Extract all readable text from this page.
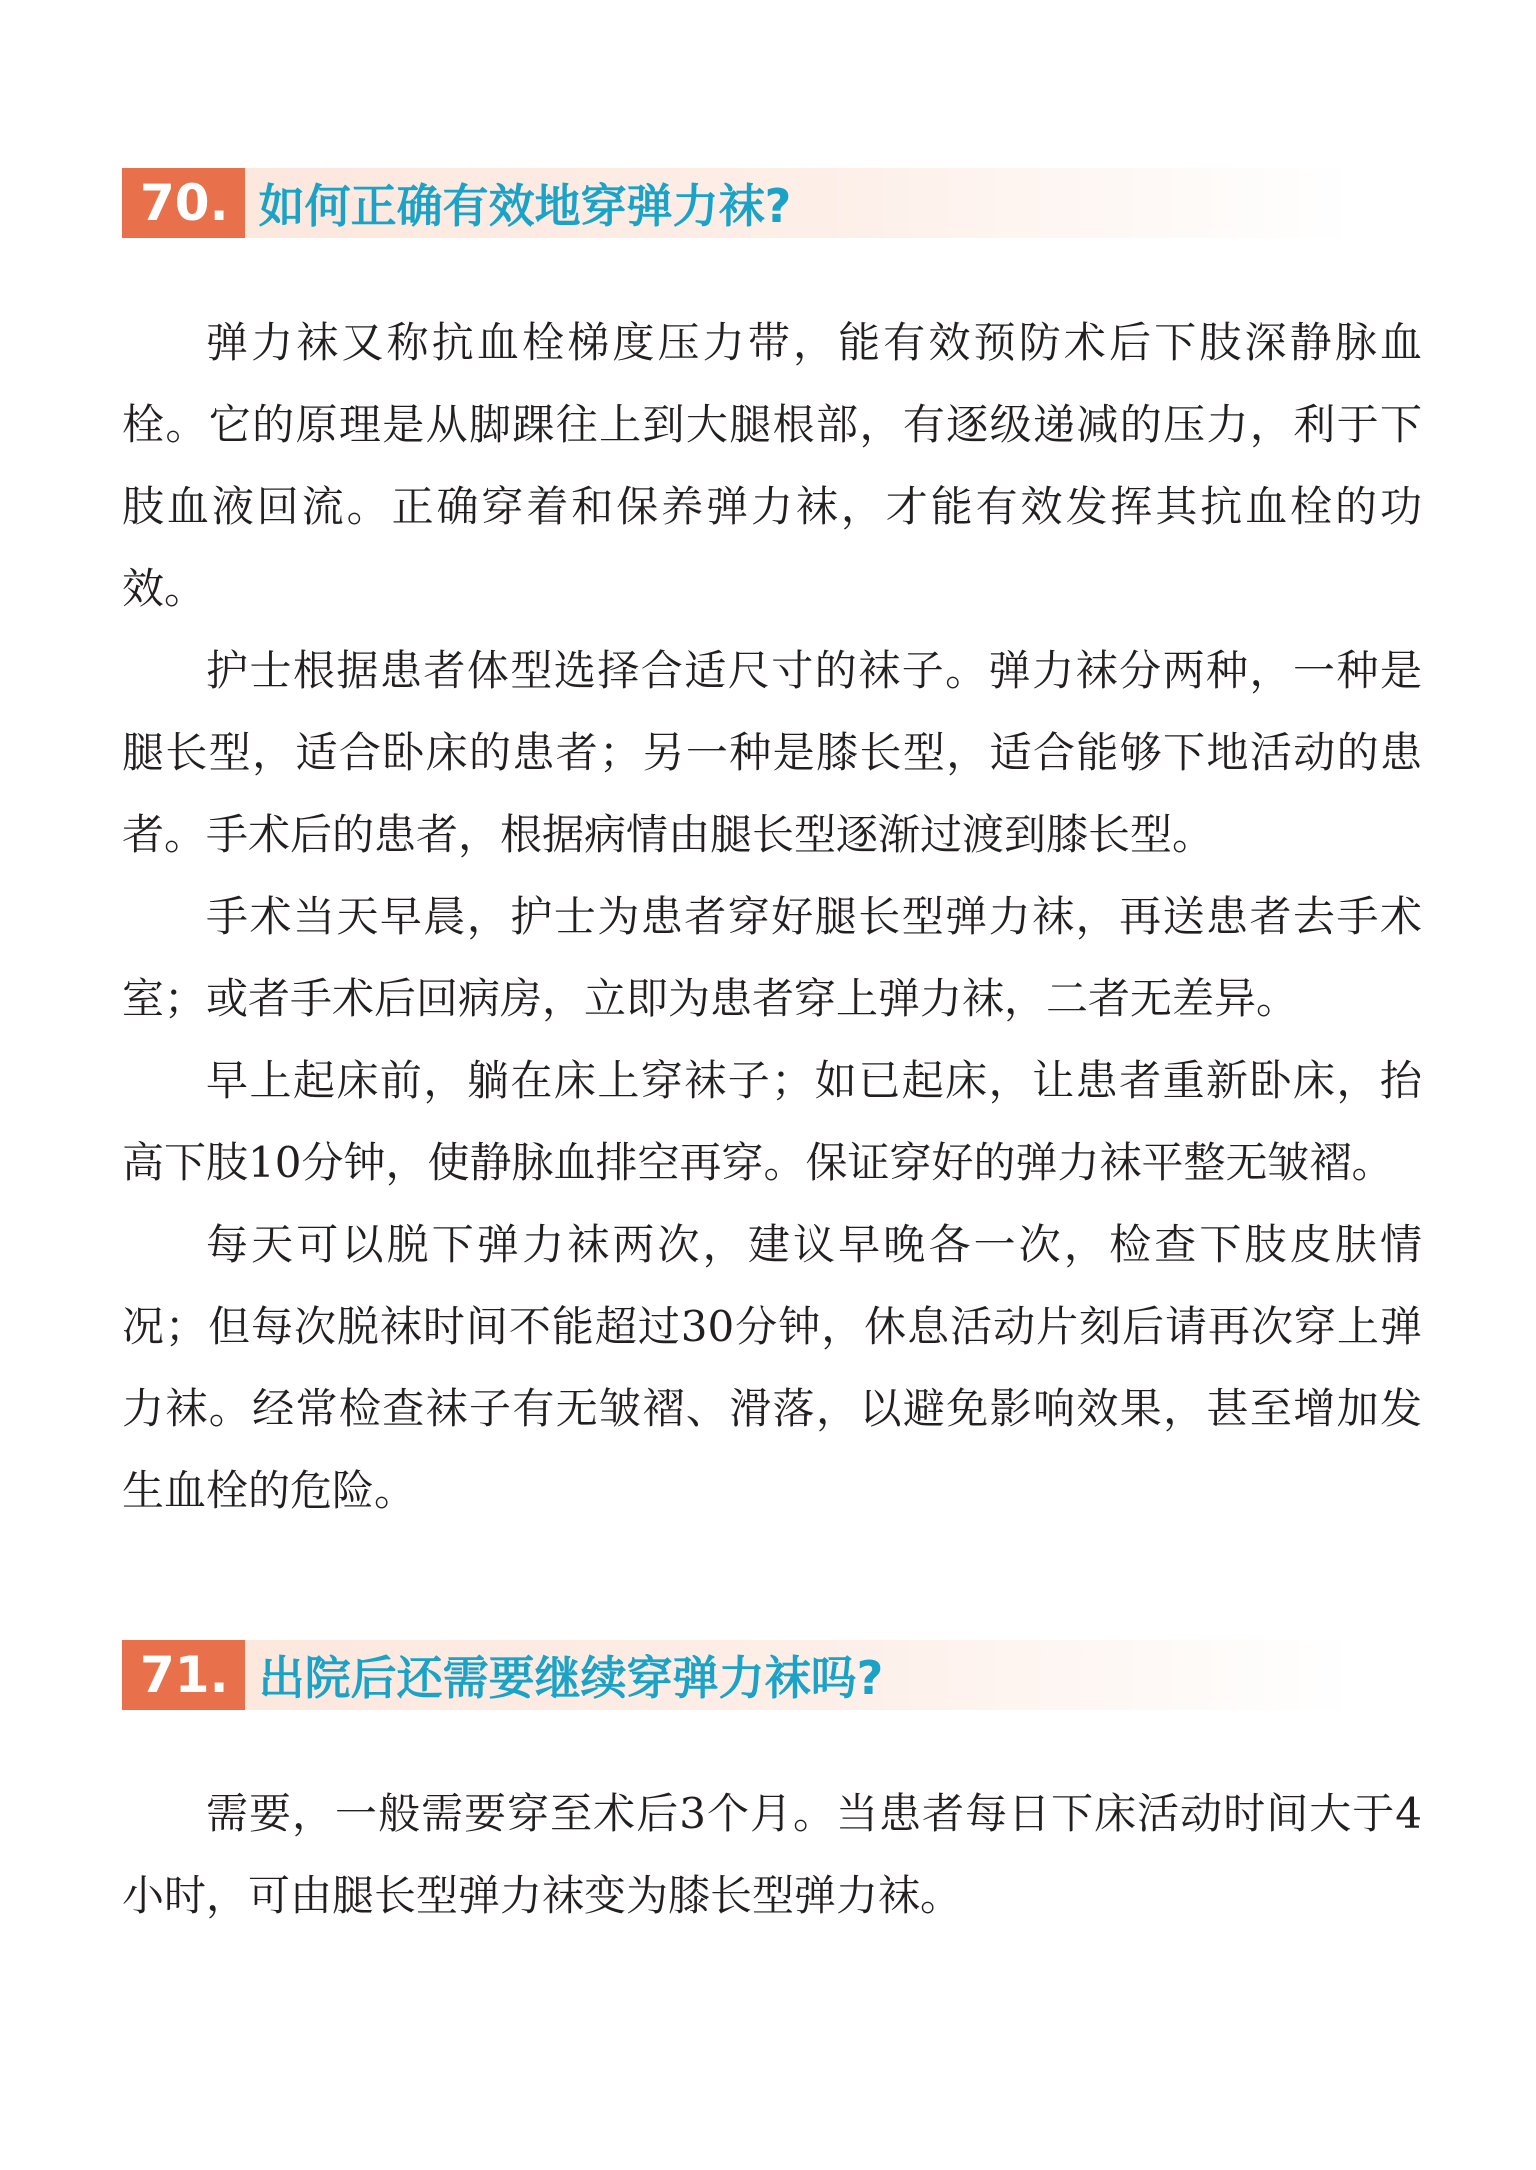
70. 如何正确有效地穿弹力袜?

弹力袜又称抗血栓梯度压力带，能有效预防术后下肢深静脉血栓。它的原理是从脚踝往上到大腿根部，有逐级递减的压力，利于下肢血液回流。正确穿着和保养弹力袜，才能有效发挥其抗血栓的功效。

护士根据患者体型选择合适尺寸的袜子。弹力袜分两种，一种是腿长型，适合卧床的患者；另一种是膝长型，适合能够下地活动的患者。手术后的患者，根据病情由腿长型逐渐过渡到膝长型。

手术当天早晨，护士为患者穿好腿长型弹力袜，再送患者去手术室；或者手术后回病房，立即为患者穿上弹力袜，二者无差异。

早上起床前，躺在床上穿袜子；如已起床，让患者重新卧床，抬高下肢10分钟，使静脉血排空再穿。保证穿好的弹力袜平整无皱褶。

每天可以脱下弹力袜两次，建议早晚各一次，检查下肢皮肤情况；但每次脱袜时间不能超过30分钟，休息活动片刻后请再次穿上弹力袜。经常检查袜子有无皱褶、滑落，以避免影响效果，甚至增加发生血栓的危险。

71. 出院后还需要继续穿弹力袜吗?

需要，一般需要穿至术后3个月。当患者每日下床活动时间大于4小时，可由腿长型弹力袜变为膝长型弹力袜。
